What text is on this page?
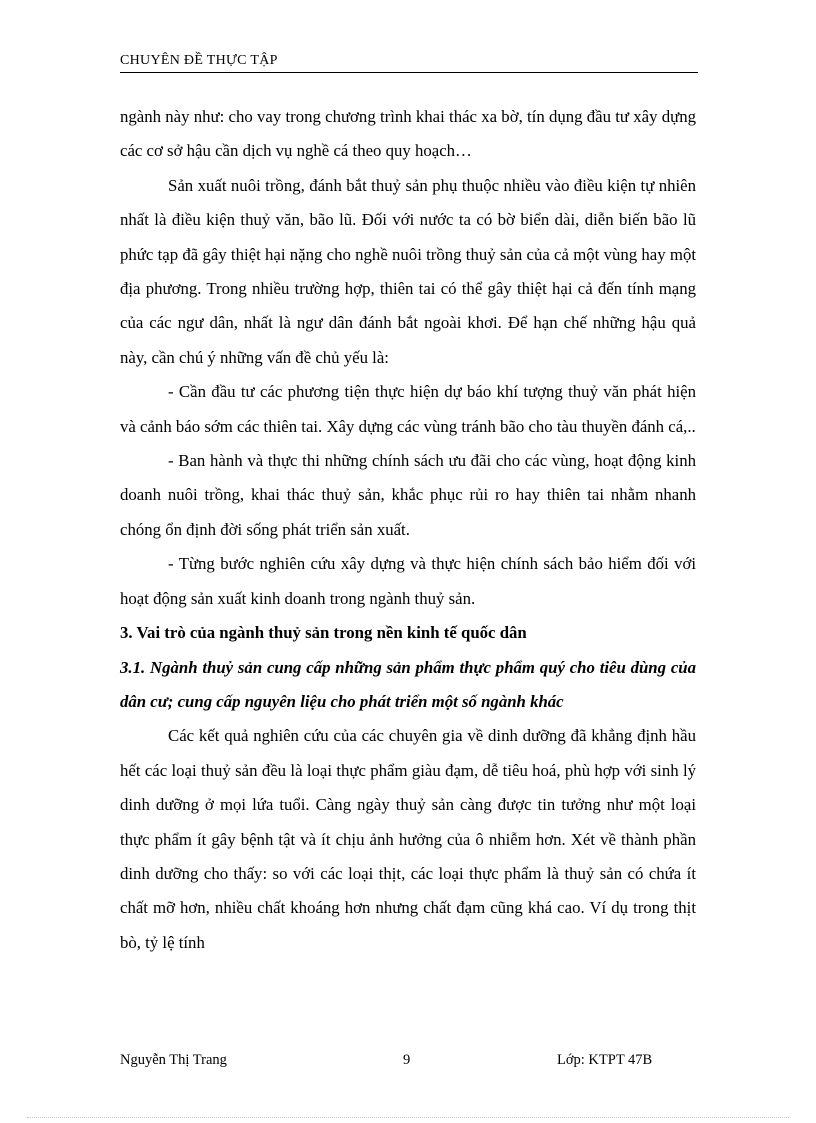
CHUYÊN ĐỀ THỰC TẬP

ngành này như: cho vay trong chương trình khai thác xa bờ, tín dụng đầu tư xây dựng các cơ sở hậu cần dịch vụ nghề cá theo quy hoạch…

Sản xuất nuôi trồng, đánh bắt thuỷ sản phụ thuộc nhiều vào điều kiện tự nhiên nhất là điều kiện thuỷ văn, bão lũ. Đối với nước ta có bờ biển dài, diễn biến bão lũ phức tạp đã gây thiệt hại nặng cho nghề nuôi trồng thuỷ sản của cả một vùng hay một địa phương. Trong nhiều trường hợp, thiên tai có thể gây thiệt hại cả đến tính mạng của các ngư dân, nhất là ngư dân đánh bắt ngoài khơi. Để hạn chế những hậu quả này, cần chú ý những vấn đề chủ yếu là:

- Cần đầu tư các phương tiện thực hiện dự báo khí tượng thuỷ văn phát hiện và cảnh báo sớm các thiên tai. Xây dựng các vùng tránh bão cho tàu thuyền đánh cá,..

- Ban hành và thực thi những chính sách ưu đãi cho các vùng, hoạt động kinh doanh nuôi trồng, khai thác thuỷ sản, khắc phục rủi ro hay thiên tai nhằm nhanh chóng ổn định đời sống phát triển sản xuất.

- Từng bước nghiên cứu xây dựng và thực hiện chính sách bảo hiểm đối với hoạt động sản xuất kinh doanh trong ngành thuỷ sản.

3. Vai trò của ngành thuỷ sản trong nền kinh tế quốc dân

3.1. Ngành thuỷ sản cung cấp những sản phẩm thực phẩm quý cho tiêu dùng của dân cư; cung cấp nguyên liệu cho phát triển một số ngành khác

Các kết quả nghiên cứu của các chuyên gia về dinh dưỡng đã khẳng định hầu hết các loại thuỷ sản đều là loại thực phẩm giàu đạm, dễ tiêu hoá, phù hợp với sinh lý dinh dưỡng ở mọi lứa tuổi. Càng ngày thuỷ sản càng được tin tưởng như một loại thực phẩm ít gây bệnh tật và ít chịu ảnh hưởng của ô nhiễm hơn. Xét về thành phần dinh dưỡng cho thấy: so với các loại thịt, các loại thực phẩm là thuỷ sản có chứa ít chất mỡ hơn, nhiều chất khoáng hơn nhưng chất đạm cũng khá cao. Ví dụ trong thịt bò, tỷ lệ tính

Nguyễn Thị Trang	9	Lớp: KTPT 47B
